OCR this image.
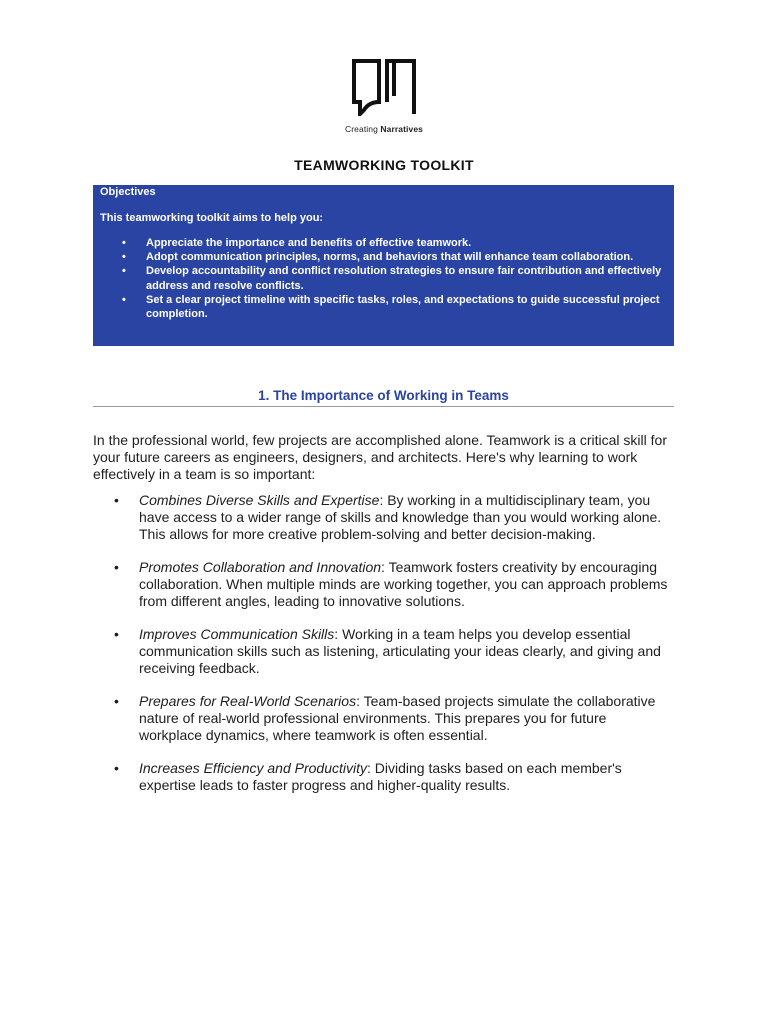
Creating Narratives
TEAMWORKING TOOLKIT
Objectives
This teamworking toolkit aims to help you:
• Appreciate the importance and benefits of effective teamwork.
• Adopt communication principles, norms, and behaviors that will enhance team collaboration.
• Develop accountability and conflict resolution strategies to ensure fair contribution and effectively address and resolve conflicts.
• Set a clear project timeline with specific tasks, roles, and expectations to guide successful project completion.
1. The Importance of Working in Teams
In the professional world, few projects are accomplished alone. Teamwork is a critical skill for your future careers as engineers, designers, and architects. Here's why learning to work effectively in a team is so important:
• Combines Diverse Skills and Expertise: By working in a multidisciplinary team, you have access to a wider range of skills and knowledge than you would working alone. This allows for more creative problem-solving and better decision-making.
• Promotes Collaboration and Innovation: Teamwork fosters creativity by encouraging collaboration. When multiple minds are working together, you can approach problems from different angles, leading to innovative solutions.
• Improves Communication Skills: Working in a team helps you develop essential communication skills such as listening, articulating your ideas clearly, and giving and receiving feedback.
• Prepares for Real-World Scenarios: Team-based projects simulate the collaborative nature of real-world professional environments. This prepares you for future workplace dynamics, where teamwork is often essential.
• Increases Efficiency and Productivity: Dividing tasks based on each member's expertise leads to faster progress and higher-quality results.
